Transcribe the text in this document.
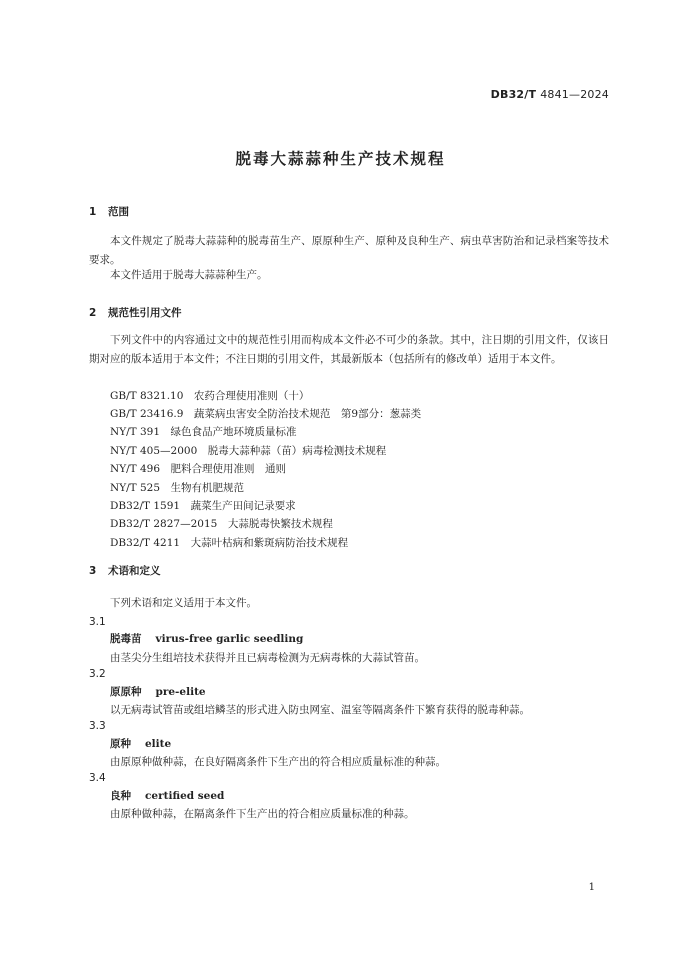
DB32/T 4841—2024
脱毒大蒜蒜种生产技术规程
1 范围

本文件规定了脱毒大蒜蒜种的脱毒苗生产、原原种生产、原种及良种生产、病虫草害防治和记录档案等技术要求。

本文件适用于脱毒大蒜蒜种生产。

2 规范性引用文件

下列文件中的内容通过文中的规范性引用而构成本文件必不可少的条款。其中，注日期的引用文件，仅该日期对应的版本适用于本文件；不注日期的引用文件，其最新版本（包括所有的修改单）适用于本文件。

GB/T 8321.10　农药合理使用准则（十）

GB/T 23416.9　蔬菜病虫害安全防治技术规范　第9部分：葱蒜类

NY/T 391　绿色食品产地环境质量标准

NY/T 405—2000　脱毒大蒜种蒜（苗）病毒检测技术规程

NY/T 496　肥料合理使用准则　通则

NY/T 525　生物有机肥规范

DB32/T 1591　蔬菜生产田间记录要求

DB32/T 2827—2015　大蒜脱毒快繁技术规程

DB32/T 4211　大蒜叶枯病和紫斑病防治技术规程

3 术语和定义

下列术语和定义适用于本文件。

3.1
脱毒苗 virus-free garlic seedling
由茎尖分生组培技术获得并且已病毒检测为无病毒株的大蒜试管苗。
3.2
原原种 pre-elite
以无病毒试管苗或组培鳞茎的形式进入防虫网室、温室等隔离条件下繁育获得的脱毒种蒜。
3.3
原种 elite
由原原种做种蒜，在良好隔离条件下生产出的符合相应质量标准的种蒜。
3.4
良种 certified seed
由原种做种蒜，在隔离条件下生产出的符合相应质量标准的种蒜。
1
